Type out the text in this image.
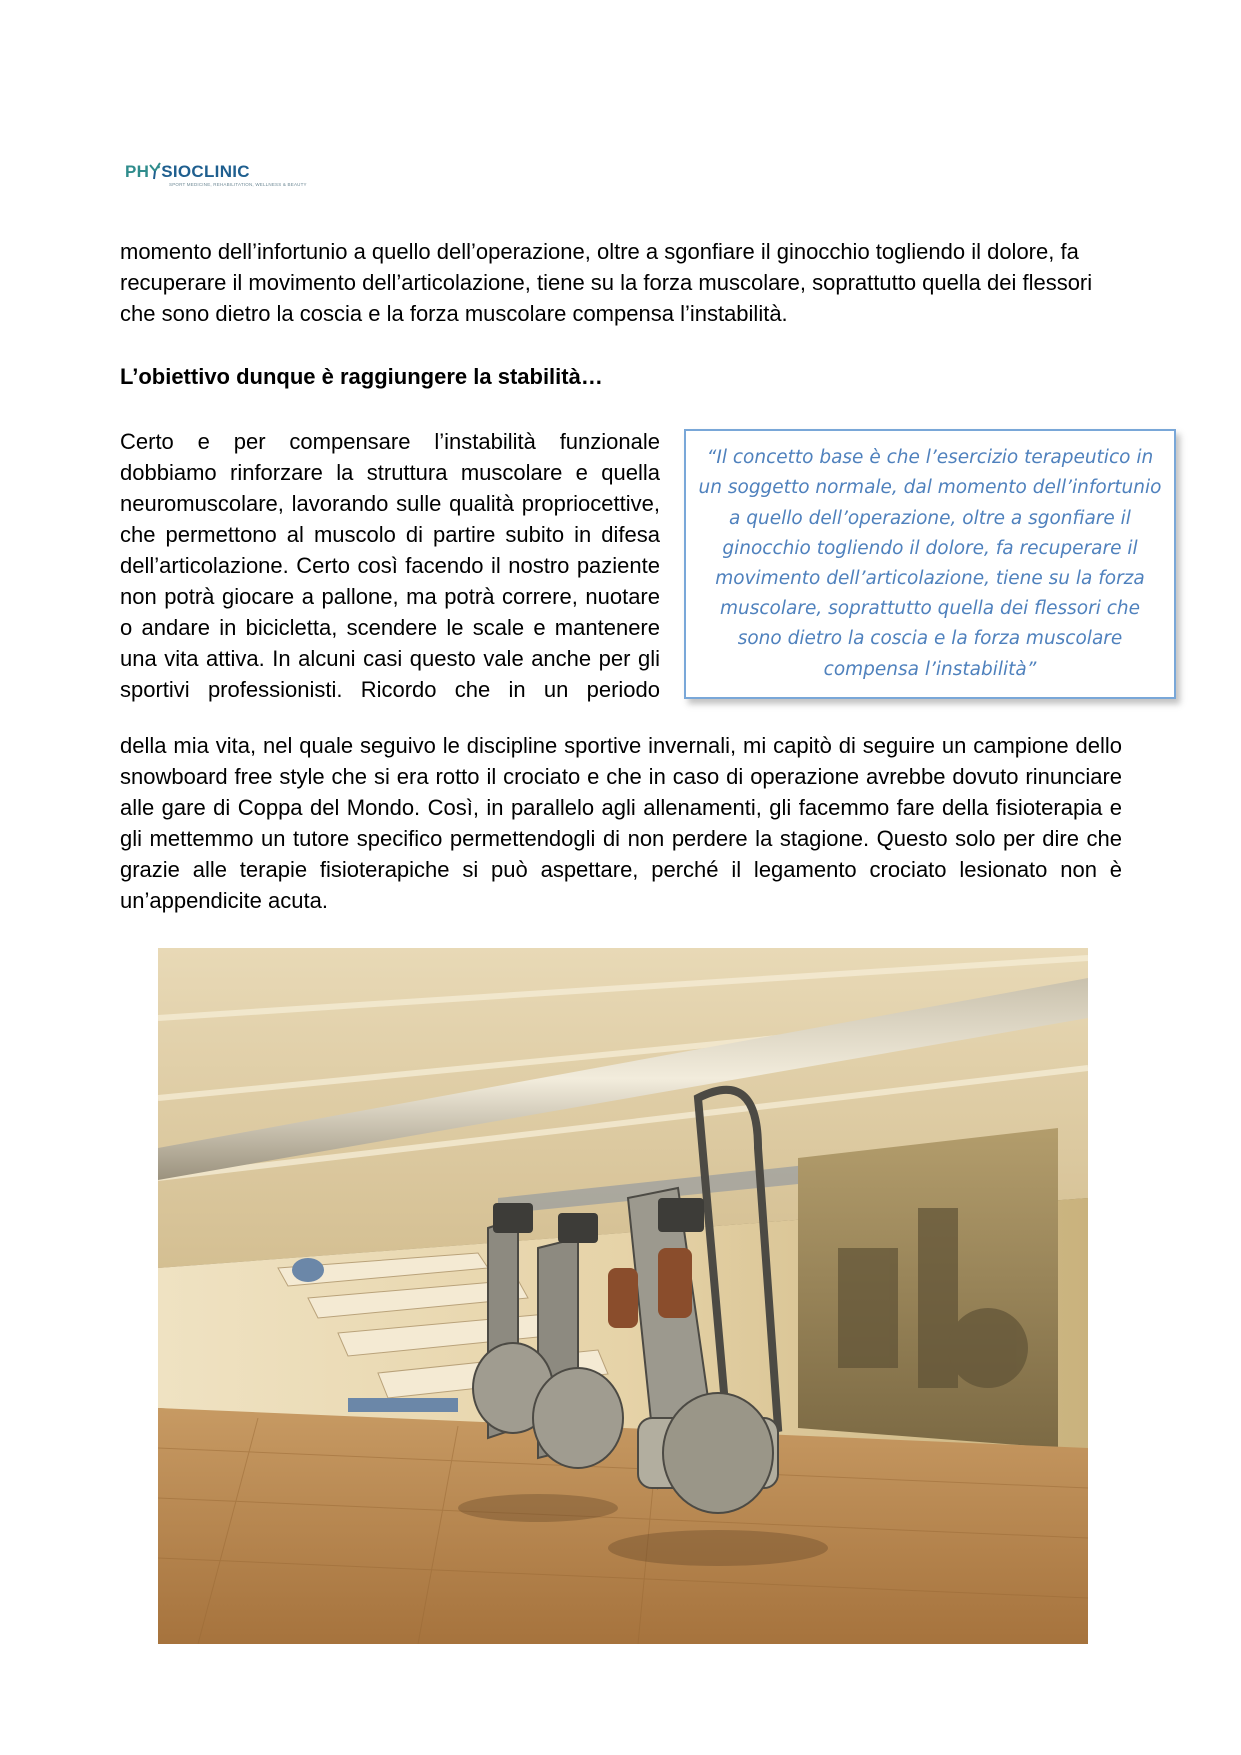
PH SIOCLINIC
SPORT MEDICINE, REHABILITATION, WELLNESS & BEAUTY

momento dell’infortunio a quello dell’operazione, oltre a sgonfiare il ginocchio togliendo il dolore, fa recuperare il movimento dell’articolazione, tiene su la forza muscolare, soprattutto quella dei flessori che sono dietro la coscia e la forza muscolare compensa l’instabilità.

L’obiettivo dunque è raggiungere la stabilità…

Certo e per compensare l’instabilità funzionale dobbiamo rinforzare la struttura muscolare e quella neuromuscolare, lavorando sulle qualità propriocettive, che permettono al muscolo di partire subito in difesa dell’articolazione. Certo così facendo il nostro paziente non potrà giocare a pallone, ma potrà correre, nuotare o andare in bicicletta, scendere le scale e mantenere una vita attiva. In alcuni casi questo vale anche per gli sportivi professionisti. Ricordo che in un periodo

“Il concetto base è che l’esercizio terapeutico in un soggetto normale, dal momento dell’infortunio a quello dell’operazione, oltre a sgonfiare il ginocchio togliendo il dolore, fa recuperare il movimento dell’articolazione, tiene su la forza muscolare, soprattutto quella dei flessori che sono dietro la coscia e la forza muscolare compensa l’instabilità”

della mia vita, nel quale seguivo le discipline sportive invernali, mi capitò di seguire un campione dello snowboard free style che si era rotto il crociato e che in caso di operazione avrebbe dovuto rinunciare alle gare di Coppa del Mondo. Così, in parallelo agli allenamenti, gli facemmo fare della fisioterapia e gli mettemmo un tutore specifico permettendogli di non perdere la stagione. Questo solo per dire che grazie alle terapie fisioterapiche si può aspettare, perché il legamento crociato lesionato non è un’appendicite acuta.
